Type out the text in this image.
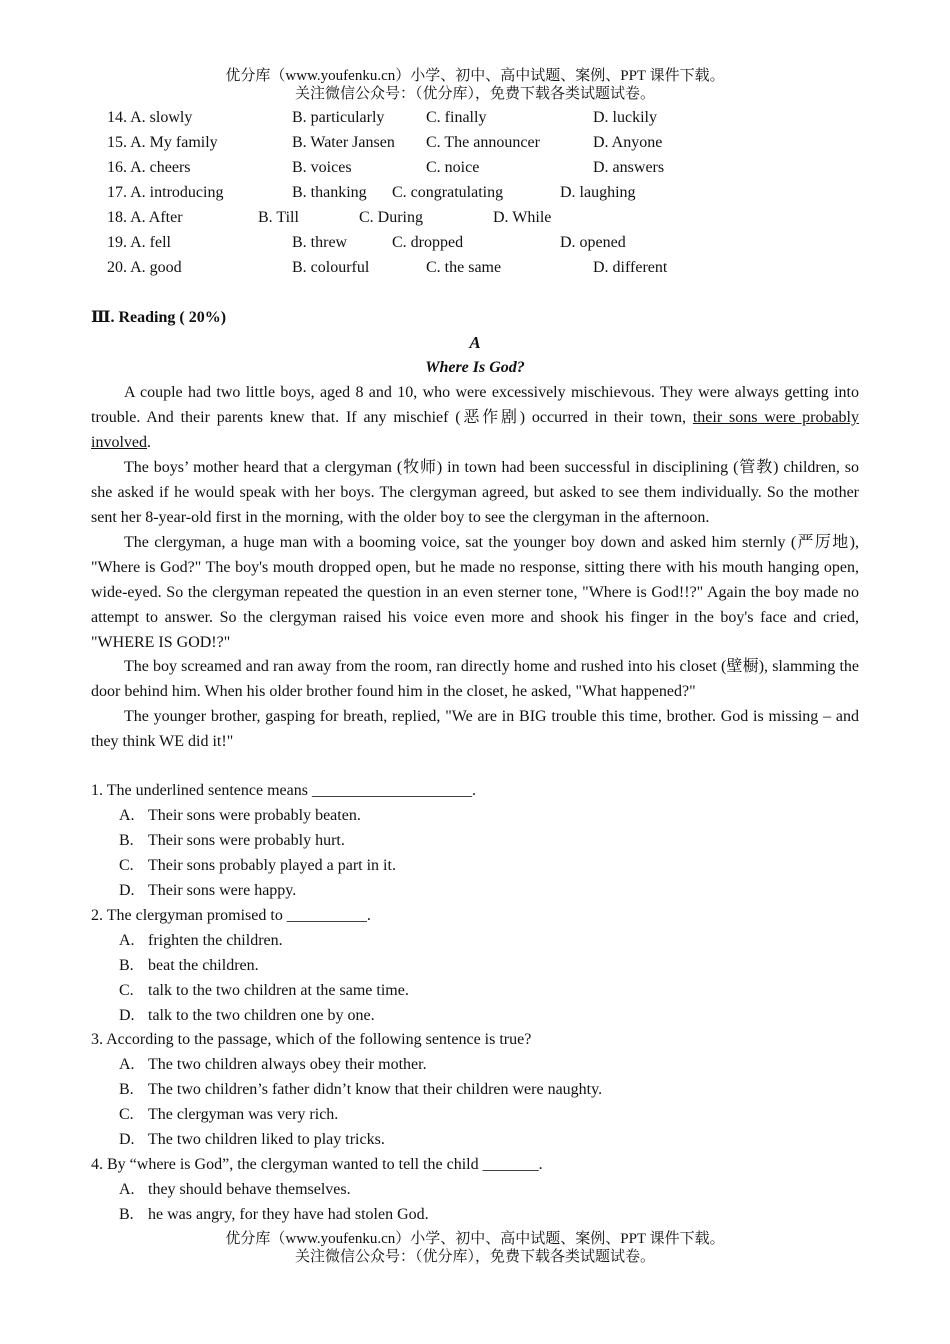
优分库（www.youfenku.cn）小学、初中、高中试题、案例、PPT 课件下载。
关注微信公众号：（优分库），免费下载各类试题试卷。
14. A. slowly	B. particularly	C. finally	D. luckily
15. A. My family	B. Water Jansen C. The announcer	D. Anyone
16. A. cheers	B. voices	C. noice	D. answers
17. A. introducing	B. thanking C. congratulating	D. laughing
18. A. After	B. Till	C. During	D. While
19. A. fell	B. threw	C. dropped	D. opened
20. A. good	B. colourful	C. the same	D. different
Ⅲ. Reading ( 20%)
A
Where Is God?
A couple had two little boys, aged 8 and 10, who were excessively mischievous. They were always getting into trouble. And their parents knew that. If any mischief (恶作剧) occurred in their town, their sons were probably involved.
The boys’ mother heard that a clergyman (牧师) in town had been successful in disciplining (管教) children, so she asked if he would speak with her boys. The clergyman agreed, but asked to see them individually. So the mother sent her 8-year-old first in the morning, with the older boy to see the clergyman in the afternoon.
The clergyman, a huge man with a booming voice, sat the younger boy down and asked him sternly (严厉地), "Where is God?" The boy's mouth dropped open, but he made no response, sitting there with his mouth hanging open, wide-eyed. So the clergyman repeated the question in an even sterner tone, "Where is God!!?" Again the boy made no attempt to answer. So the clergyman raised his voice even more and shook his finger in the boy's face and cried, "WHERE IS GOD!?"
The boy screamed and ran away from the room, ran directly home and rushed into his closet (壁橱), slamming the door behind him. When his older brother found him in the closet, he asked, "What happened?"
The younger brother, gasping for breath, replied, "We are in BIG trouble this time, brother. God is missing – and they think WE did it!"
1. The underlined sentence means ____________________.
A. Their sons were probably beaten.
B. Their sons were probably hurt.
C. Their sons probably played a part in it.
D. Their sons were happy.
2. The clergyman promised to __________.
A. frighten the children.
B. beat the children.
C. talk to the two children at the same time.
D. talk to the two children one by one.
3. According to the passage, which of the following sentence is true?
A. The two children always obey their mother.
B. The two children’s father didn’t know that their children were naughty.
C. The clergyman was very rich.
D. The two children liked to play tricks.
4. By “where is God”, the clergyman wanted to tell the child _______.
A. they should behave themselves.
B. he was angry, for they have had stolen God.
优分库（www.youfenku.cn）小学、初中、高中试题、案例、PPT 课件下载。
关注微信公众号：（优分库），免费下载各类试题试卷。
